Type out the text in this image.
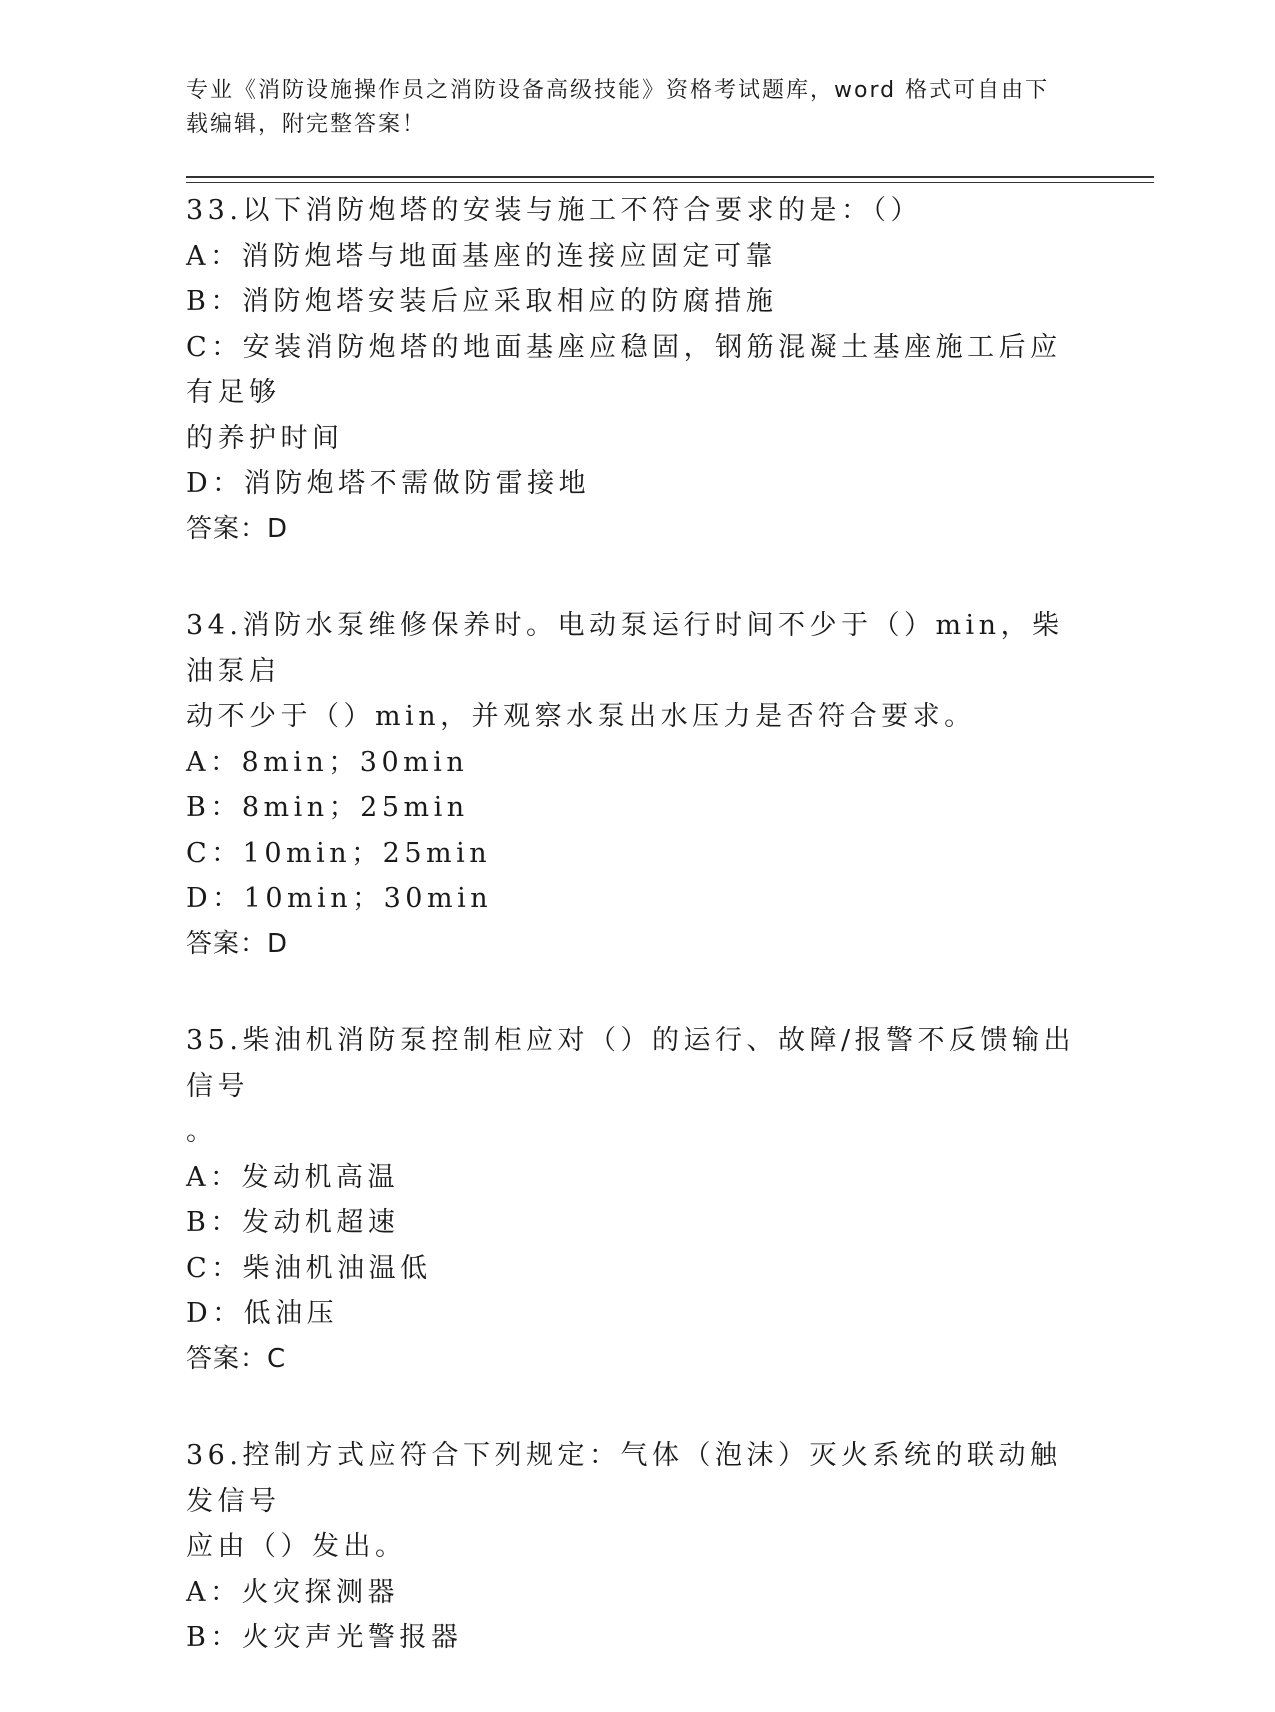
专业《消防设施操作员之消防设备高级技能》资格考试题库，word 格式可自由下
载编辑，附完整答案！
33.以下消防炮塔的安装与施工不符合要求的是：（）
A：消防炮塔与地面基座的连接应固定可靠
B：消防炮塔安装后应采取相应的防腐措施
C：安装消防炮塔的地面基座应稳固，钢筋混凝土基座施工后应有足够
的养护时间
D：消防炮塔不需做防雷接地
答案：D
34.消防水泵维修保养时。电动泵运行时间不少于（）min，柴油泵启
动不少于（）min，并观察水泵出水压力是否符合要求。
A：8min；30min
B：8min；25min
C：10min；25min
D：10min；30min
答案：D
35.柴油机消防泵控制柜应对（）的运行、故障/报警不反馈输出信号
。
A：发动机高温
B：发动机超速
C：柴油机油温低
D：低油压
答案：C
36.控制方式应符合下列规定：气体（泡沫）灭火系统的联动触发信号
应由（）发出。
A：火灾探测器
B：火灾声光警报器
